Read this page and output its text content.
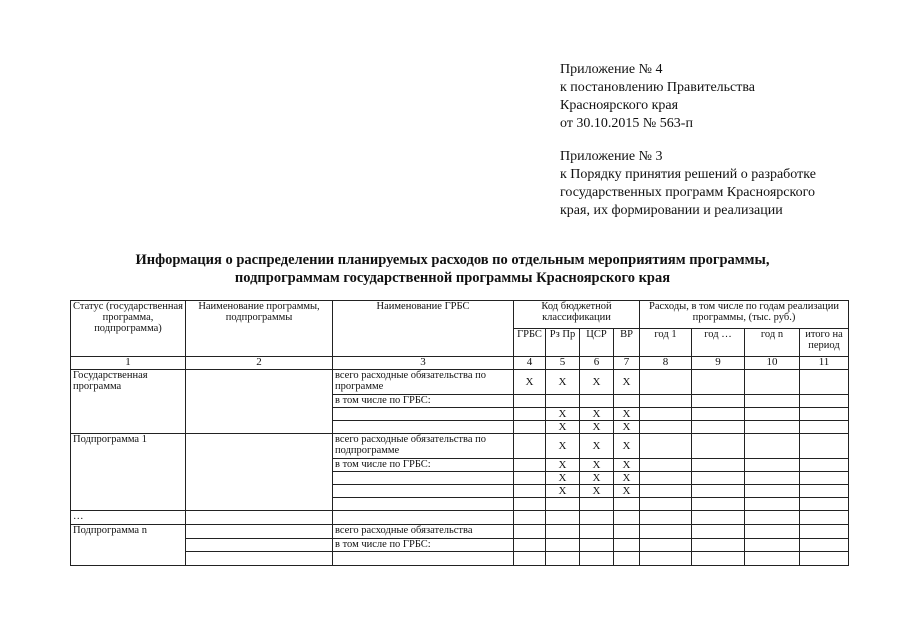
Приложение № 4
к постановлению Правительства
Красноярского края
от 30.10.2015 № 563-п
Приложение № 3
к Порядку принятия решений о разработке
государственных программ Красноярского
края, их формировании и реализации
Информация о распределении планируемых расходов по отдельным мероприятиям программы,
подпрограммам государственной программы Красноярского края
Статус (государственная программа, подпрограмма)	Наименование программы, подпрограммы	Наименование ГРБС	Код бюджетной классификации				Расходы, в том числе по годам реализации программы, (тыс. руб.)			
			ГРБС	Рз Пр	ЦСР	ВР	год 1	год …	год n	итого на период
1	2	3	4	5	6	7	8	9	10	11
Государственная программа		всего расходные обязательства по программе	X	X	X	X				
		в том числе по ГРБС:								
				X	X	X				
				X	X	X				
Подпрограмма 1		всего расходные обязательства по подпрограмме		X	X	X				
		в том числе по ГРБС:		X	X	X				
				X	X	X				
				X	X	X				

…										
Подпрограмма n		всего расходные обязательства								
		в том числе по ГРБС:								
